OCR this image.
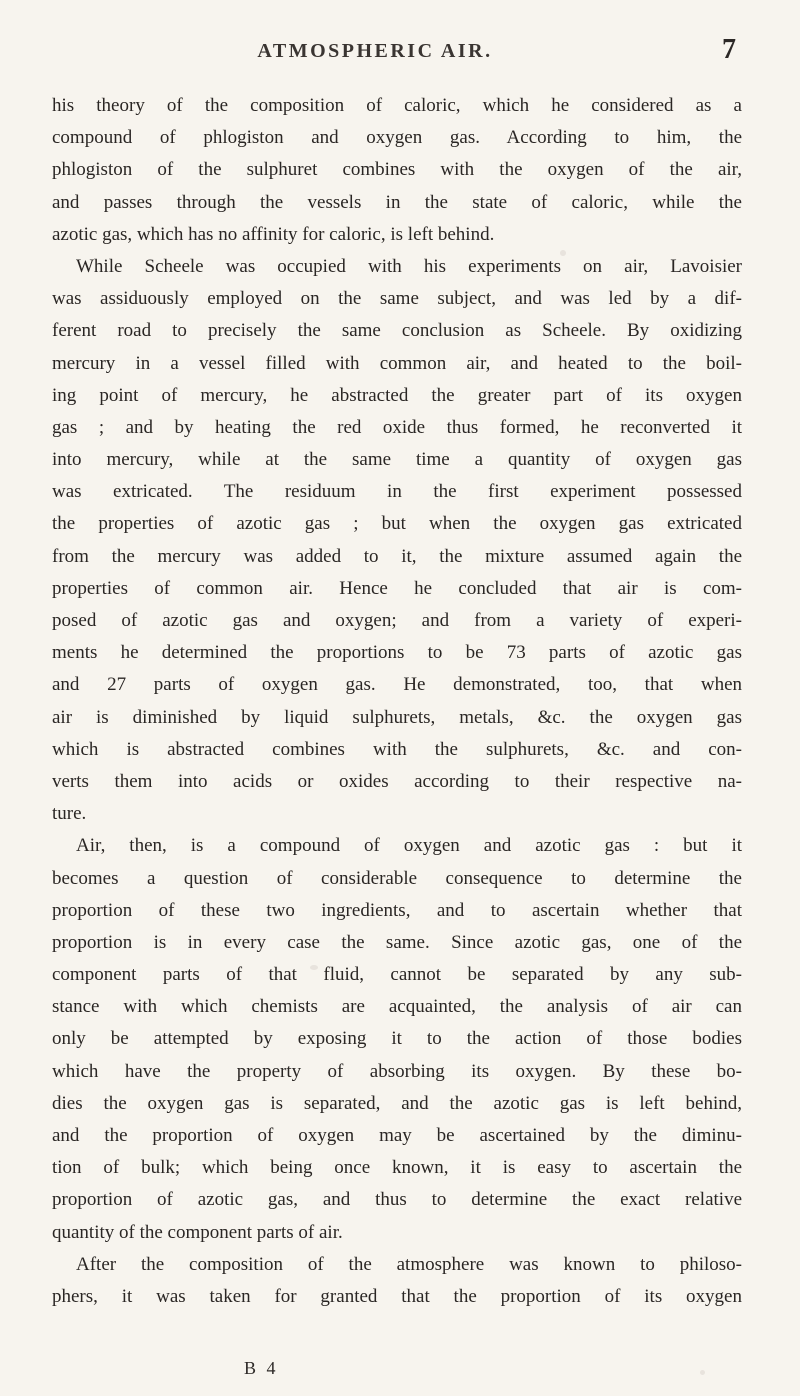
ATMOSPHERIC AIR.	7
his theory of the composition of caloric, which he considered as a
compound of phlogiston and oxygen gas. According to him, the
phlogiston of the sulphuret combines with the oxygen of the air,
and passes through the vessels in the state of caloric, while the
azotic gas, which has no affinity for caloric, is left behind.
While Scheele was occupied with his experiments on air, Lavoisier
was assiduously employed on the same subject, and was led by a dif-
ferent road to precisely the same conclusion as Scheele. By oxidizing
mercury in a vessel filled with common air, and heated to the boil-
ing point of mercury, he abstracted the greater part of its oxygen
gas ; and by heating the red oxide thus formed, he reconverted it
into mercury, while at the same time a quantity of oxygen gas
was extricated. The residuum in the first experiment possessed
the properties of azotic gas ; but when the oxygen gas extricated
from the mercury was added to it, the mixture assumed again the
properties of common air. Hence he concluded that air is com-
posed of azotic gas and oxygen; and from a variety of experi-
ments he determined the proportions to be 73 parts of azotic gas
and 27 parts of oxygen gas. He demonstrated, too, that when
air is diminished by liquid sulphurets, metals, &c. the oxygen gas
which is abstracted combines with the sulphurets, &c. and con-
verts them into acids or oxides according to their respective na-
ture.
Air, then, is a compound of oxygen and azotic gas : but it
becomes a question of considerable consequence to determine the
proportion of these two ingredients, and to ascertain whether that
proportion is in every case the same. Since azotic gas, one of the
component parts of that fluid, cannot be separated by any sub-
stance with which chemists are acquainted, the analysis of air can
only be attempted by exposing it to the action of those bodies
which have the property of absorbing its oxygen. By these bo-
dies the oxygen gas is separated, and the azotic gas is left behind,
and the proportion of oxygen may be ascertained by the diminu-
tion of bulk; which being once known, it is easy to ascertain the
proportion of azotic gas, and thus to determine the exact relative
quantity of the component parts of air.
After the composition of the atmosphere was known to philoso-
phers, it was taken for granted that the proportion of its oxygen
B 4
